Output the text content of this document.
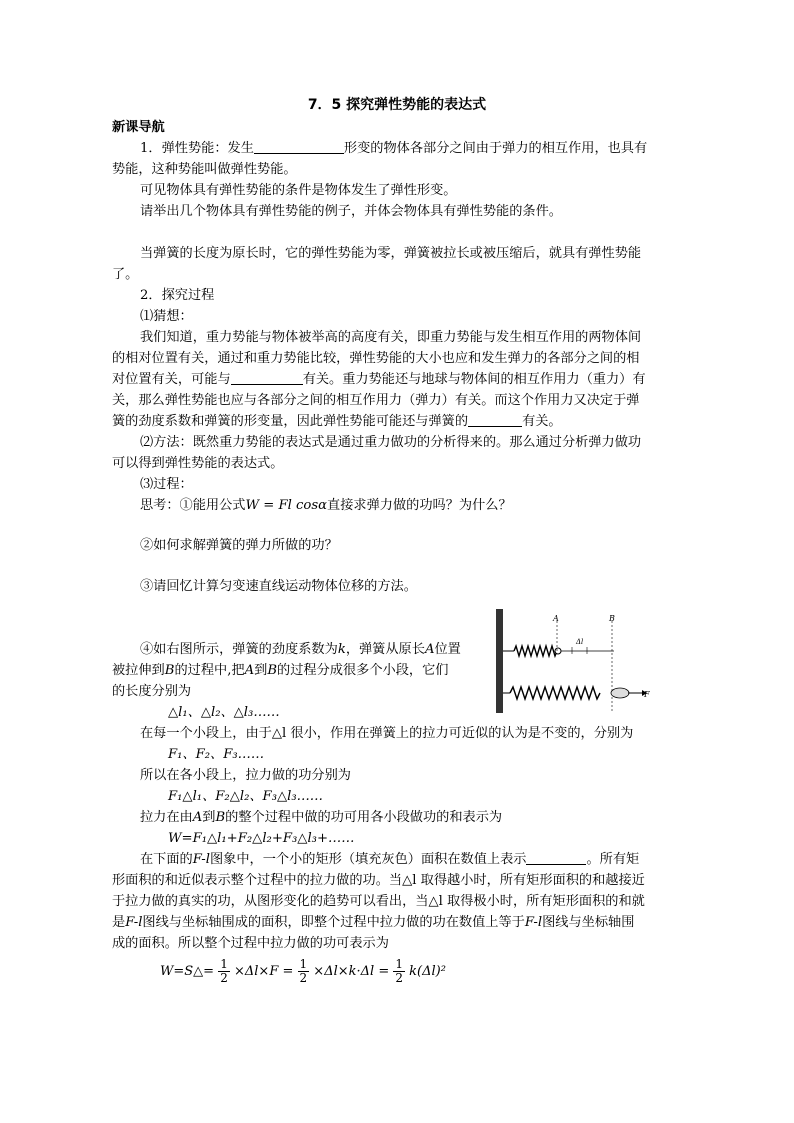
7．5 探究弹性势能的表达式
新课导航
1．弹性势能：发生	形变的物体各部分之间由于弹力的相互作用，也具有
势能，这种势能叫做弹性势能。
可见物体具有弹性势能的条件是物体发生了弹性形变。
请举出几个物体具有弹性势能的例子，并体会物体具有弹性势能的条件。
当弹簧的长度为原长时，它的弹性势能为零，弹簧被拉长或被压缩后，就具有弹性势能
了。
2．探究过程
⑴猜想：
我们知道，重力势能与物体被举高的高度有关，即重力势能与发生相互作用的两物体间
的相对位置有关，通过和重力势能比较，弹性势能的大小也应和发生弹力的各部分之间的相
对位置有关，可能与	有关。重力势能还与地球与物体间的相互作用力（重力）有
关，那么弹性势能也应与各部分之间的相互作用力（弹力）有关。而这个作用力又决定于弹
簧的劲度系数和弹簧的形变量，因此弹性势能可能还与弹簧的	有关。
⑵方法：既然重力势能的表达式是通过重力做功的分析得来的。那么通过分析弹力做功
可以得到弹性势能的表达式。
⑶过程：
思考：①能用公式W = Fl cosα直接求弹力做的功吗？为什么？
②如何求解弹簧的弹力所做的功？
③请回忆计算匀变速直线运动物体位移的方法。
④如右图所示，弹簧的劲度系数为k，弹簧从原长A位置
被拉伸到B的过程中,把A到B的过程分成很多个小段，它们
的长度分别为
△l₁、△l₂、△l₃……
在每一个小段上，由于△l 很小，作用在弹簧上的拉力可近似的认为是不变的，分别为
F₁、F₂、F₃……
所以在各小段上，拉力做的功分别为
F₁△l₁、F₂△l₂、F₃△l₃……
拉力在由A到B的整个过程中做的功可用各小段做功的和表示为
W=F₁△l₁+F₂△l₂+F₃△l₃+……
在下面的F-l图象中，一个小的矩形（填充灰色）面积在数值上表示	。所有矩
形面积的和近似表示整个过程中的拉力做的功。当△l 取得越小时，所有矩形面积的和越接近
于拉力做的真实的功，从图形变化的趋势可以看出，当△l 取得极小时，所有矩形面积的和就
是F-l图线与坐标轴围成的面积，即整个过程中拉力做的功在数值上等于F-l图线与坐标轴围
成的面积。所以整个过程中拉力做的功可表示为
W=S△= $\frac{1}{2} \times\Delta l\times F = \frac{1}{2} \times\Delta l\times k\cdot\Delta l = \frac{1}{2} k(\Delta l)^2$
A	B
Δl
F
